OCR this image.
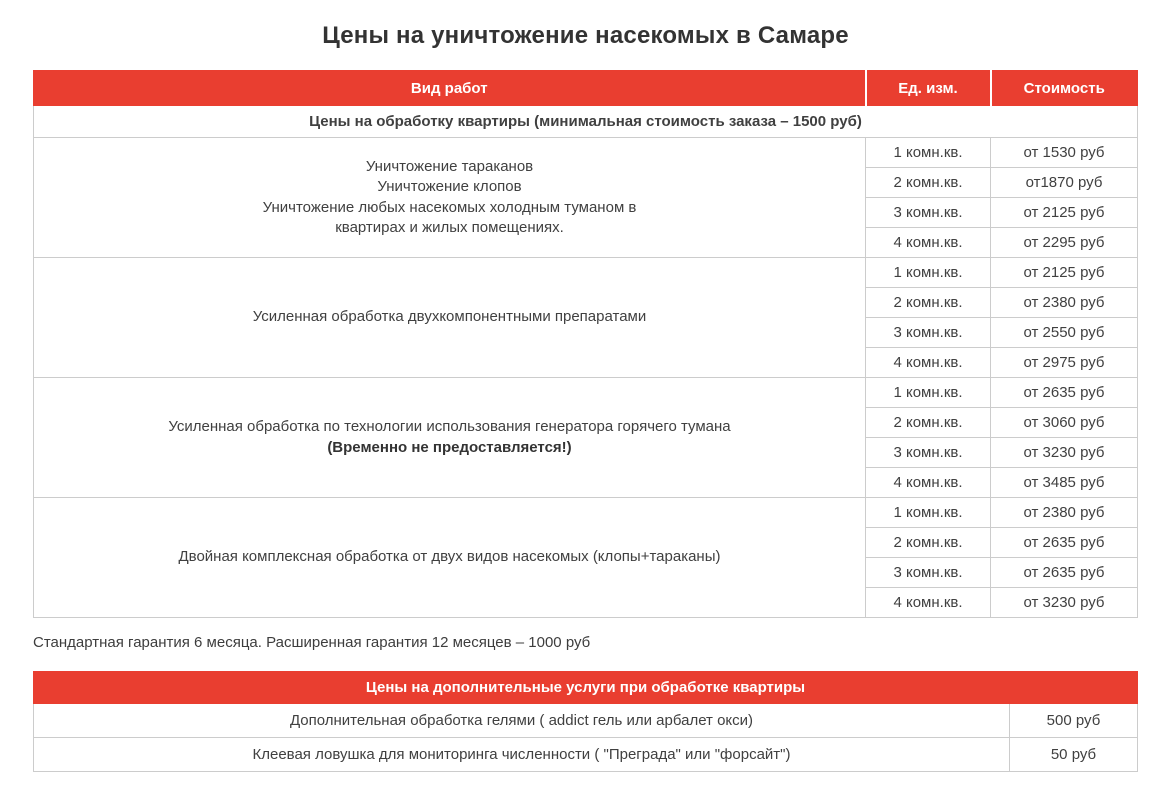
Цены на уничтожение насекомых в Самаре
Вид работ	Ед. изм.	Стоимость
Цены на обработку квартиры (минимальная стоимость заказа – 1500 руб)		

Уничтожение тараканов
Уничтожение клопов
Уничтожение любых насекомых холодным туманом в
квартирах и жилых помещениях.	1 комн.кв.	от 1530 руб
	2 комн.кв.	от1870 руб
	3 комн.кв.	от 2125 руб
	4 комн.кв.	от 2295 руб

Усиленная обработка двухкомпонентными препаратами	1 комн.кв.	от 2125 руб
	2 комн.кв.	от 2380 руб
	3 комн.кв.	от 2550 руб
	4 комн.кв.	от 2975 руб

Усиленная обработка по технологии использования генератора горячего тумана
(Временно не предоставляется!)	1 комн.кв.	от 2635 руб
	2 комн.кв.	от 3060 руб
	3 комн.кв.	от 3230 руб
	4 комн.кв.	от 3485 руб

Двойная комплексная обработка от двух видов насекомых (клопы+тараканы)	1 комн.кв.	от 2380 руб
	2 комн.кв.	от 2635 руб
	3 комн.кв.	от 2635 руб
	4 комн.кв.	от 3230 руб

Стандартная гарантия 6 месяца. Расширенная гарантия 12 месяцев – 1000 руб

Цены на дополнительные услуги при обработке квартиры	
Дополнительная обработка гелями ( addict гель или арбалет окси)	500 руб
Клеевая ловушка для мониторинга численности ( "Преграда" или "форсайт")	50 руб
